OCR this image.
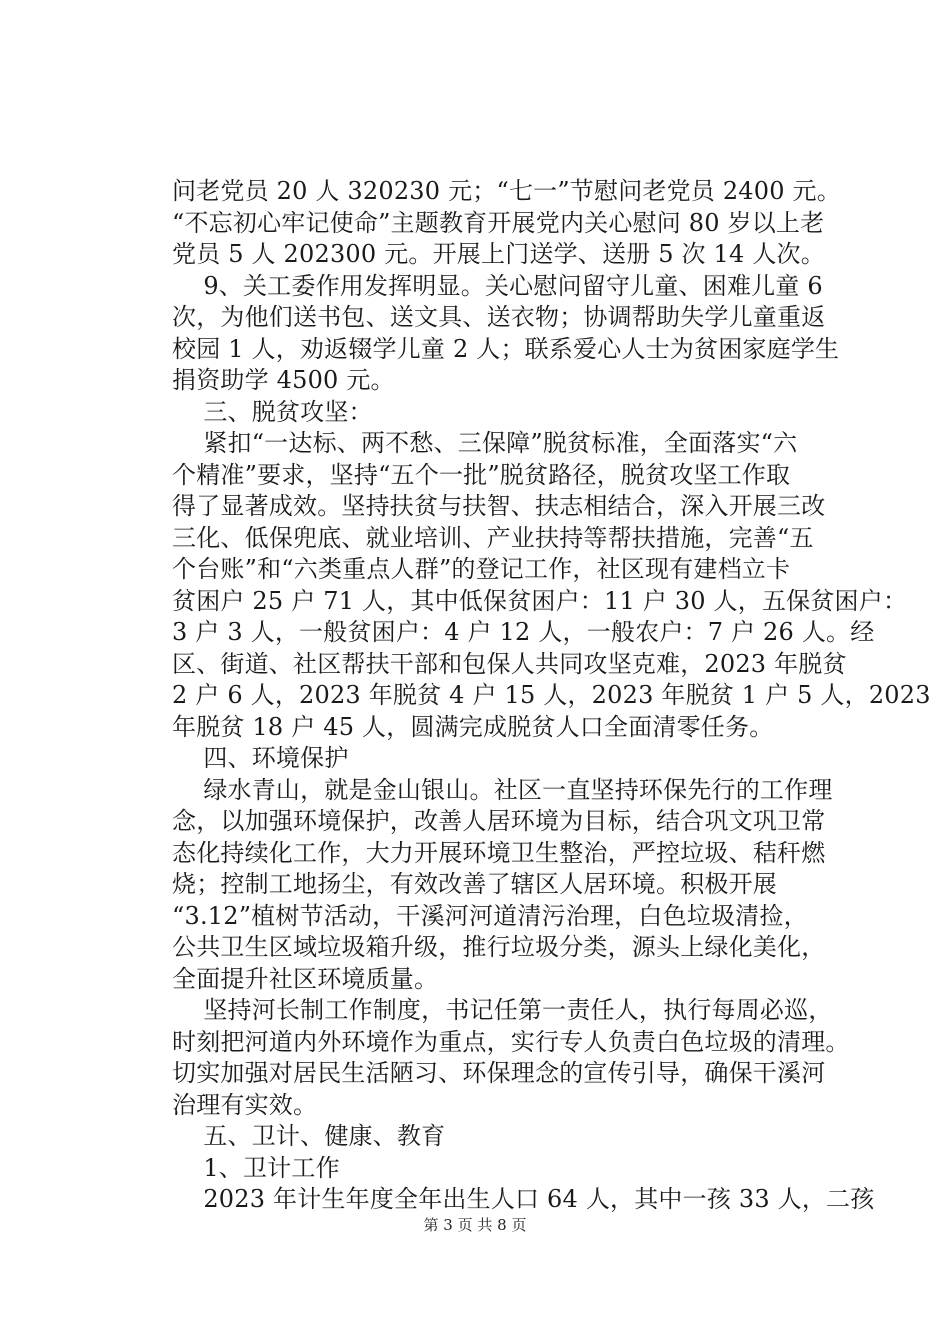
问老党员 20 人 320230 元；“七一”节慰问老党员 2400 元。
“不忘初心牢记使命”主题教育开展党内关心慰问 80 岁以上老
党员 5 人 202300 元。开展上门送学、送册 5 次 14 人次。
9、关工委作用发挥明显。关心慰问留守儿童、困难儿童 6
次，为他们送书包、送文具、送衣物；协调帮助失学儿童重返
校园 1 人，劝返辍学儿童 2 人；联系爱心人士为贫困家庭学生
捐资助学 4500 元。
三、脱贫攻坚：
紧扣“一达标、两不愁、三保障”脱贫标准，全面落实“六
个精准”要求，坚持“五个一批”脱贫路径，脱贫攻坚工作取
得了显著成效。坚持扶贫与扶智、扶志相结合，深入开展三改
三化、低保兜底、就业培训、产业扶持等帮扶措施，完善“五
个台账”和“六类重点人群”的登记工作，社区现有建档立卡
贫困户 25 户 71 人，其中低保贫困户：11 户 30 人，五保贫困户：
3 户 3 人，一般贫困户：4 户 12 人，一般农户：7 户 26 人。经
区、街道、社区帮扶干部和包保人共同攻坚克难，2023 年脱贫
2 户 6 人，2023 年脱贫 4 户 15 人，2023 年脱贫 1 户 5 人，2023
年脱贫 18 户 45 人，圆满完成脱贫人口全面清零任务。
四、环境保护
绿水青山，就是金山银山。社区一直坚持环保先行的工作理
念，以加强环境保护，改善人居环境为目标，结合巩文巩卫常
态化持续化工作，大力开展环境卫生整治，严控垃圾、秸秆燃
烧；控制工地扬尘，有效改善了辖区人居环境。积极开展
“3.12”植树节活动，干溪河河道清污治理，白色垃圾清捡，
公共卫生区域垃圾箱升级，推行垃圾分类，源头上绿化美化，
全面提升社区环境质量。
坚持河长制工作制度，书记任第一责任人，执行每周必巡，
时刻把河道内外环境作为重点，实行专人负责白色垃圾的清理。
切实加强对居民生活陋习、环保理念的宣传引导，确保干溪河
治理有实效。
五、卫计、健康、教育
1、卫计工作
2023 年计生年度全年出生人口 64 人，其中一孩 33 人，二孩
第 3 页 共 8 页
